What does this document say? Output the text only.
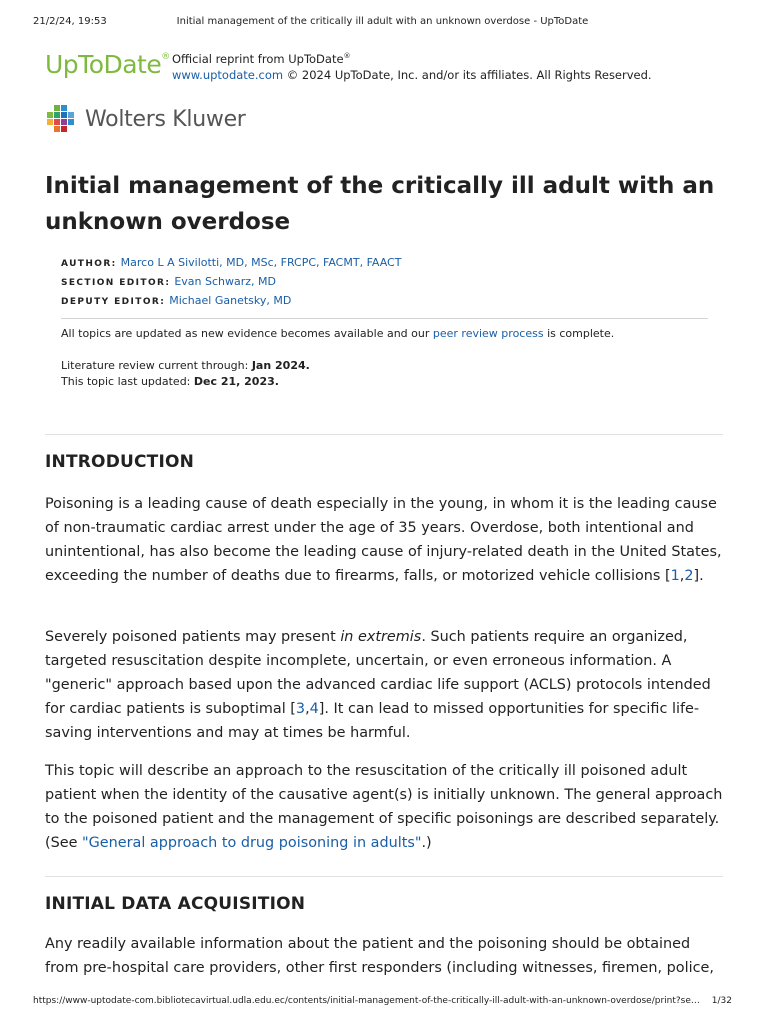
21/2/24, 19:53	Initial management of the critically ill adult with an unknown overdose - UpToDate
UpToDate® Official reprint from UpToDate®
www.uptodate.com © 2024 UpToDate, Inc. and/or its affiliates. All Rights Reserved.
Wolters Kluwer
Initial management of the critically ill adult with an unknown overdose
AUTHOR: Marco L A Sivilotti, MD, MSc, FRCPC, FACMT, FAACT
SECTION EDITOR: Evan Schwarz, MD
DEPUTY EDITOR: Michael Ganetsky, MD
All topics are updated as new evidence becomes available and our peer review process is complete.
Literature review current through: Jan 2024.
This topic last updated: Dec 21, 2023.
INTRODUCTION

Poisoning is a leading cause of death especially in the young, in whom it is the leading cause of non-traumatic cardiac arrest under the age of 35 years. Overdose, both intentional and unintentional, has also become the leading cause of injury-related death in the United States, exceeding the number of deaths due to firearms, falls, or motorized vehicle collisions [1,2].

Severely poisoned patients may present in extremis. Such patients require an organized, targeted resuscitation despite incomplete, uncertain, or even erroneous information. A "generic" approach based upon the advanced cardiac life support (ACLS) protocols intended for cardiac patients is suboptimal [3,4]. It can lead to missed opportunities for specific life-saving interventions and may at times be harmful.

This topic will describe an approach to the resuscitation of the critically ill poisoned adult patient when the identity of the causative agent(s) is initially unknown. The general approach to the poisoned patient and the management of specific poisonings are described separately. (See "General approach to drug poisoning in adults".)

INITIAL DATA ACQUISITION

Any readily available information about the patient and the poisoning should be obtained from pre-hospital care providers, other first responders (including witnesses, firemen, police,

https://www-uptodate-com.bibliotecavirtual.udla.edu.ec/contents/initial-management-of-the-critically-ill-adult-with-an-unknown-overdose/print?se… 1/32
